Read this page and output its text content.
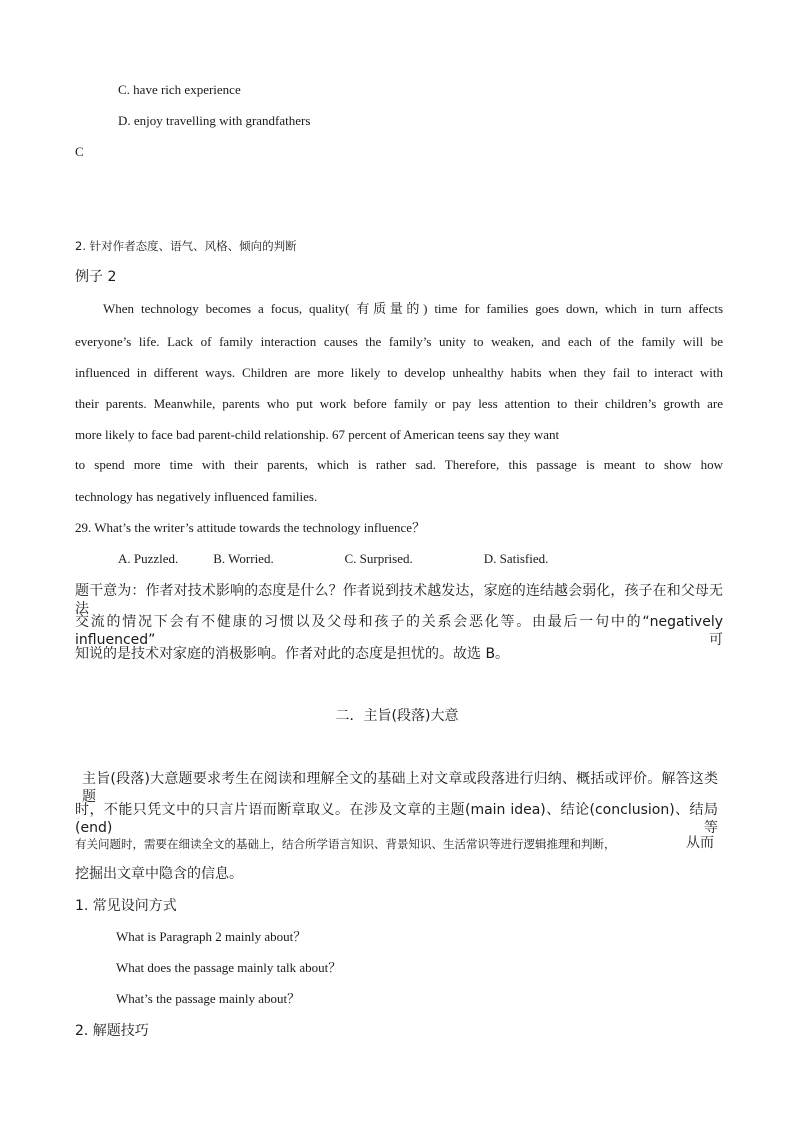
C. have rich experience
D. enjoy travelling with grandfathers
C
2. 针对作者态度、语气、风格、倾向的判断
例子 2
When technology becomes a focus, quality( 有质量的) time for families goes down, which in turn affects
everyone’s life. Lack of family interaction causes the family’s unity to weaken, and each of the family will be
influenced in different ways. Children are more likely to develop unhealthy habits when they fail to interact with
their parents. Meanwhile, parents who put work before family or pay less attention to their children’s growth are
more likely to face bad parent-child relationship. 67 percent of American teens say they want
to spend more time with their parents, which is rather sad. Therefore, this passage is meant to show how
technology has negatively influenced families.
29. What’s the writer’s attitude towards the technology influence？
A. Puzzled.	B. Worried.	C. Surprised.	D. Satisfied.
题干意为：作者对技术影响的态度是什么？作者说到技术越发达，家庭的连结越会弱化，孩子在和父母无法
交流的情况下会有不健康的习惯以及父母和孩子的关系会恶化等。由最后一句中的“negatively influenced” 可
知说的是技术对家庭的消极影响。作者对此的态度是担忧的。故选 B。
二．主旨(段落)大意
主旨(段落)大意题要求考生在阅读和理解全文的基础上对文章或段落进行归纳、概括或评价。解答这类题
时，不能只凭文中的只言片语而断章取义。在涉及文章的主题(main idea)、结论(conclusion)、结局(end)等
有关问题时，需要在细读全文的基础上，结合所学语言知识、背景知识、生活常识等进行逻辑推理和判断，	从而
挖掘出文章中隐含的信息。
1. 常见设问方式
What is Paragraph 2 mainly about？
What does the passage mainly talk about？
What’s the passage mainly about？
2. 解题技巧
